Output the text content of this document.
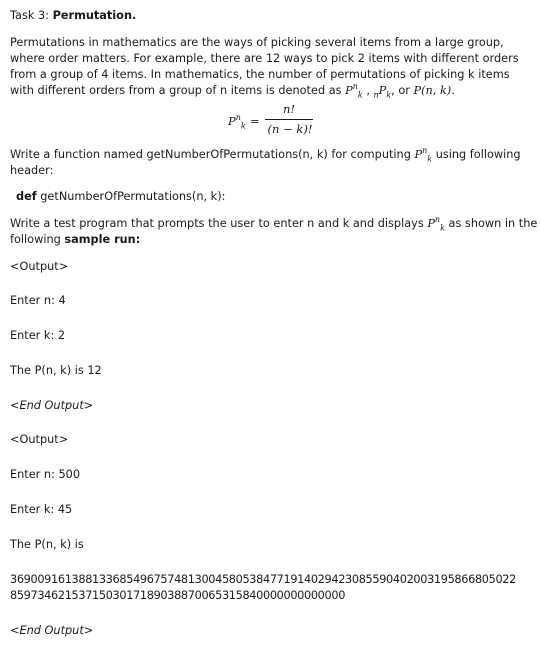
Task 3: Permutation.
Permutations in mathematics are the ways of picking several items from a large group,
where order matters. For example, there are 12 ways to pick 2 items with different orders
from a group of 4 items. In mathematics, the number of permutations of picking k items
with different orders from a group of n items is denoted as $P^n_k$ , $_nP_k$, or P(n, k).
$P^n_k$ =
n!
(n − k)!
Write a function named getNumberOfPermutations(n, k) for computing $P^n_k$ using following
header:
def getNumberOfPermutations(n, k):
Write a test program that prompts the user to enter n and k and displays $P^n_k$ as shown in the
following sample run:
<Output>
Enter n: 4
Enter k: 2
The P(n, k) is 12
<End Output>
<Output>
Enter n: 500
Enter k: 45
The P(n, k) is
36900916138813368549675748130045805384771914029423085590402003195866805022
8597346215371503017189038870065315840000000000000
<End Output>
